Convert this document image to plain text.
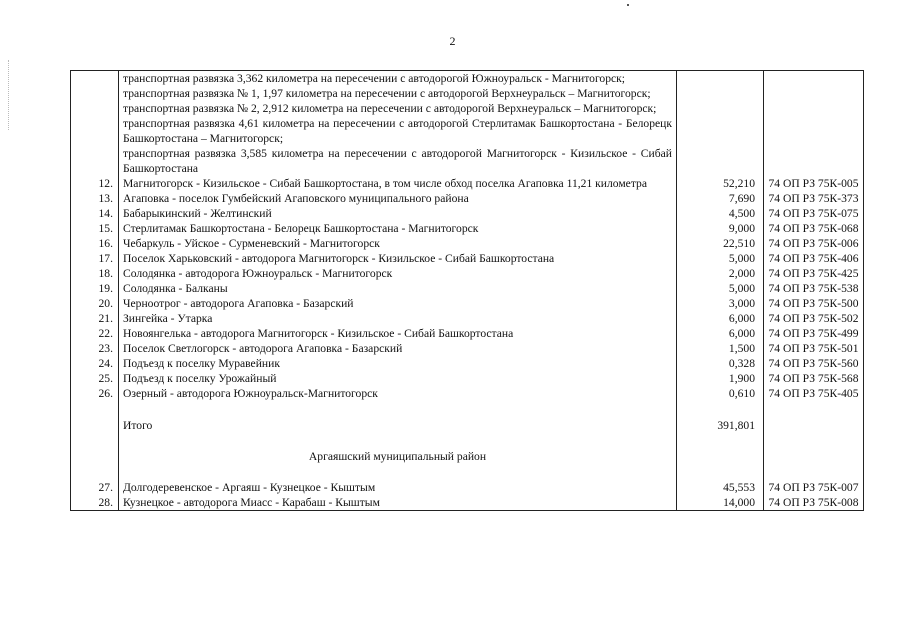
2

	транспортная развязка 3,362 километра на пересечении с автодорогой Южноуральск - Магнитогорск;
транспортная развязка № 1, 1,97 километра на пересечении с автодорогой Верхнеуральск – Магнитогорск;
транспортная развязка № 2, 2,912 километра на пересечении с автодорогой Верхнеуральск – Магнитогорск;
транспортная развязка 4,61 километра на пересечении с автодорогой Стерлитамак Башкортостана - Белорецк Башкортостана – Магнитогорск;
транспортная развязка 3,585 километра на пересечении с автодорогой Магнитогорск - Кизильское - Сибай Башкортостана		

12.	Магнитогорск - Кизильское - Сибай Башкортостана, в том числе обход поселка Агаповка 11,21 километра	52,210	74 ОП РЗ 75К-005
13.	Агаповка - поселок Гумбейский Агаповского муниципального района	7,690	74 ОП РЗ 75К-373
14.	Бабарыкинский - Желтинский	4,500	74 ОП РЗ 75К-075
15.	Стерлитамак Башкортостана - Белорецк Башкортостана - Магнитогорск	9,000	74 ОП РЗ 75К-068
16.	Чебаркуль - Уйское - Сурменевский - Магнитогорск	22,510	74 ОП РЗ 75К-006
17.	Поселок Харьковский - автодорога Магнитогорск - Кизильское - Сибай Башкортостана	5,000	74 ОП РЗ 75К-406
18.	Солодянка - автодорога Южноуральск - Магнитогорск	2,000	74 ОП РЗ 75К-425
19.	Солодянка - Балканы	5,000	74 ОП РЗ 75К-538
20.	Черноотрог - автодорога Агаповка - Базарский	3,000	74 ОП РЗ 75К-500
21.	Зингейка - Утарка	6,000	74 ОП РЗ 75К-502
22.	Новоянгелька - автодорога Магнитогорск - Кизильское - Сибай Башкортостана	6,000	74 ОП РЗ 75К-499
23.	Поселок Светлогорск - автодорога Агаповка - Базарский	1,500	74 ОП РЗ 75К-501
24.	Подъезд к поселку Муравейник	0,328	74 ОП РЗ 75К-560
25.	Подъезд к поселку Урожайный	1,900	74 ОП РЗ 75К-568
26.	Озерный - автодорога Южноуральск-Магнитогорск	0,610	74 ОП РЗ 75К-405

	Итого	391,801	
	Аргаяшский муниципальный район		
27.	Долгодеревенское - Аргаяш - Кузнецкое - Кыштым	45,553	74 ОП РЗ 75К-007
28.	Кузнецкое - автодорога Миасс - Карабаш - Кыштым	14,000	74 ОП РЗ 75К-008
